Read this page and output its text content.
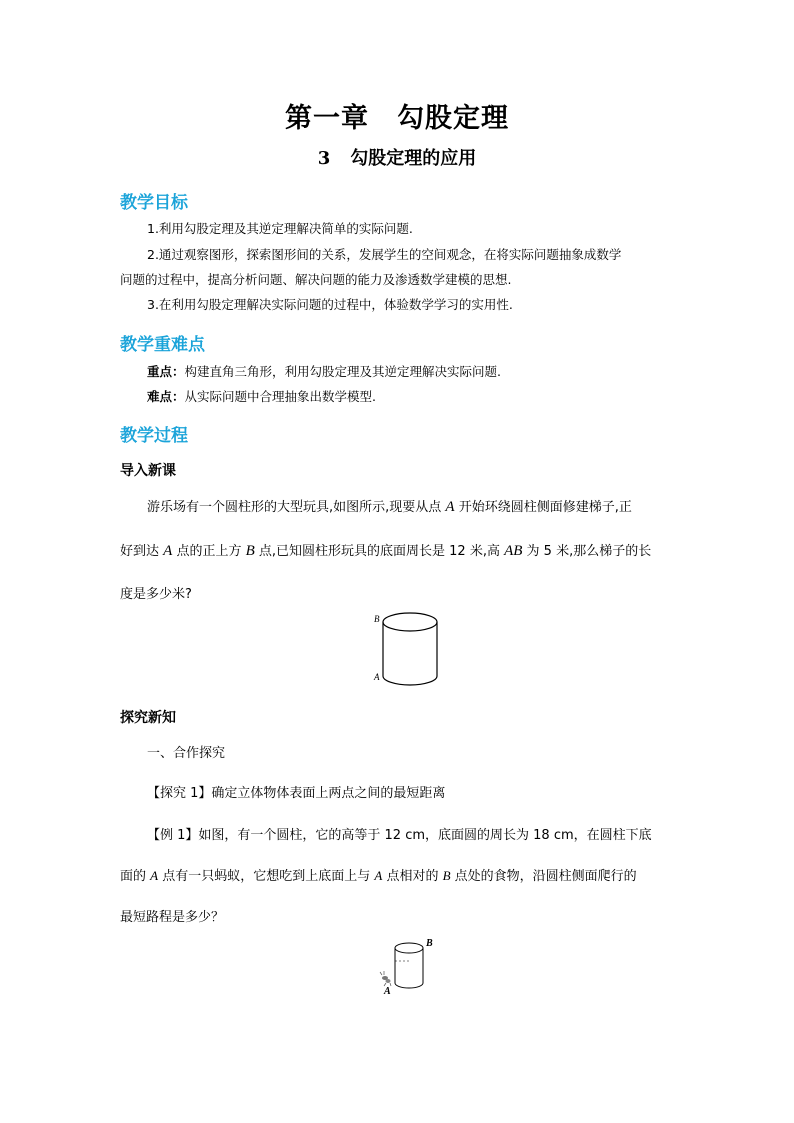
第一章　勾股定理
3 勾股定理的应用
教学目标
1.利用勾股定理及其逆定理解决简单的实际问题.
2.通过观察图形，探索图形间的关系，发展学生的空间观念，在将实际问题抽象成数学
问题的过程中，提高分析问题、解决问题的能力及渗透数学建模的思想.
3.在利用勾股定理解决实际问题的过程中，体验数学学习的实用性.
教学重难点
重点：构建直角三角形，利用勾股定理及其逆定理解决实际问题.
难点：从实际问题中合理抽象出数学模型.
教学过程
导入新课
游乐场有一个圆柱形的大型玩具,如图所示,现要从点 A 开始环绕圆柱侧面修建梯子,正
好到达 A 点的正上方 B 点,已知圆柱形玩具的底面周长是 12 米,高 AB 为 5 米,那么梯子的长
度是多少米?
B
A
探究新知
一、合作探究
【探究 1】确定立体物体表面上两点之间的最短距离
【例 1】如图，有一个圆柱，它的高等于 12 cm，底面圆的周长为 18 cm，在圆柱下底
面的 A 点有一只蚂蚁，它想吃到上底面上与 A 点相对的 B 点处的食物，沿圆柱侧面爬行的
最短路程是多少？
B
A
